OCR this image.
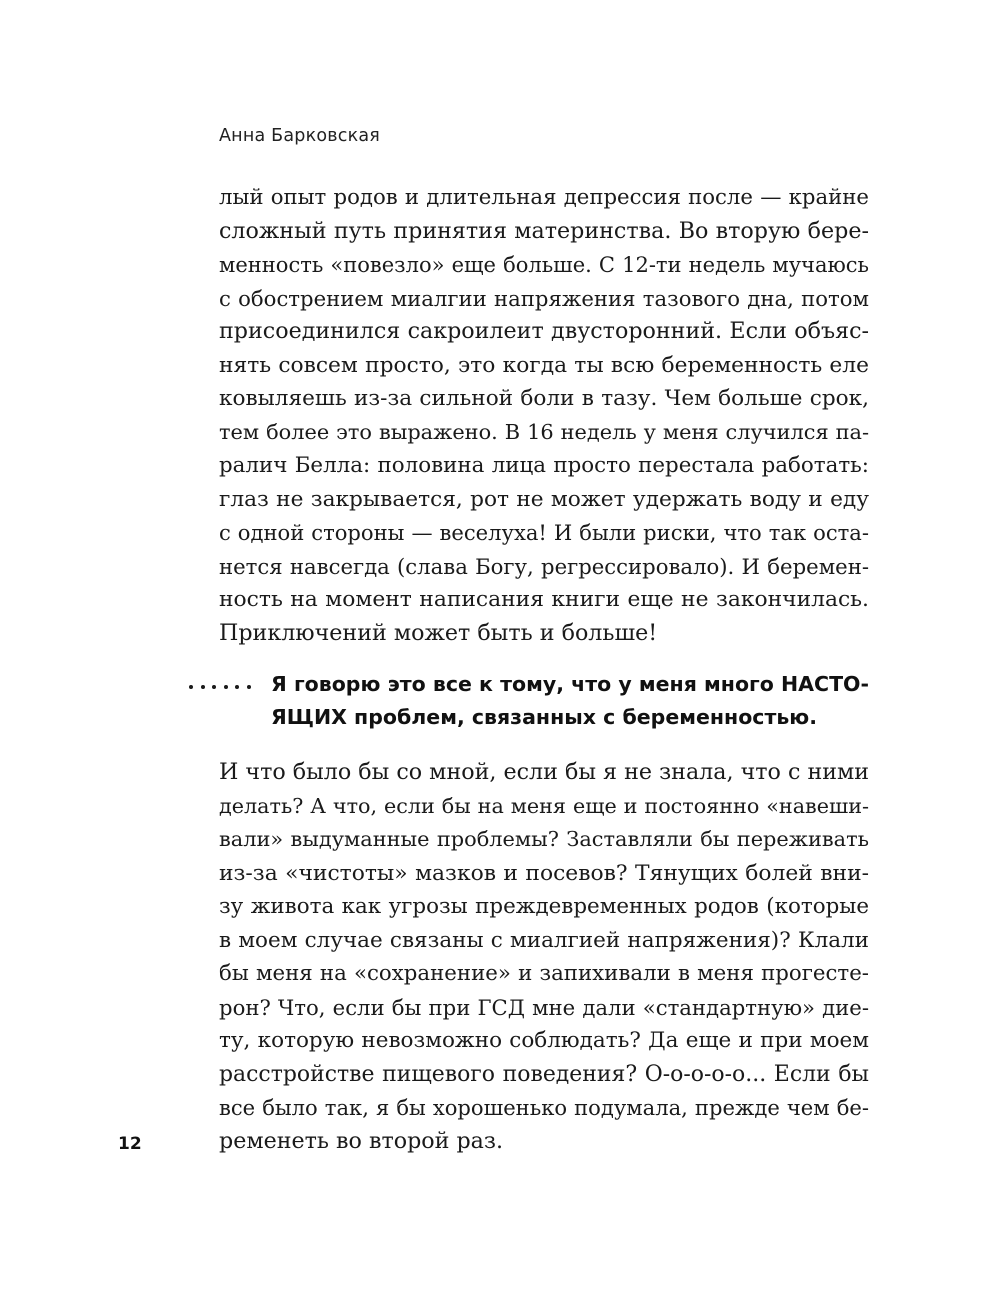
Анна Барковская
лый опыт родов и длительная депрессия после — крайне
сложный путь принятия материнства. Во вторую бере-
менность «повезло» еще больше. С 12-ти недель мучаюсь
с обострением миалгии напряжения тазового дна, потом
присоединился сакроилеит двусторонний. Если объяс-
нять совсем просто, это когда ты всю беременность еле
ковыляешь из-за сильной боли в тазу. Чем больше срок,
тем более это выражено. В 16 недель у меня случился па-
ралич Белла: половина лица просто перестала работать:
глаз не закрывается, рот не может удержать воду и еду
с одной стороны — веселуха! И были риски, что так оста-
нется навсегда (слава Богу, регрессировало). И беремен-
ность на момент написания книги еще не закончилась.
Приключений может быть и больше!
Я говорю это все к тому, что у меня много НАСТО-
ЯЩИХ проблем, связанных с беременностью.
И что было бы со мной, если бы я не знала, что с ними
делать? А что, если бы на меня еще и постоянно «навеши-
вали» выдуманные проблемы? Заставляли бы переживать
из-за «чистоты» мазков и посевов? Тянущих болей вни-
зу живота как угрозы преждевременных родов (которые
в моем случае связаны с миалгией напряжения)? Клали
бы меня на «сохранение» и запихивали в меня прогесте-
рон? Что, если бы при ГСД мне дали «стандартную» дие-
ту, которую невозможно соблюдать? Да еще и при моем
расстройстве пищевого поведения? О-о-о-о-о... Если бы
все было так, я бы хорошенько подумала, прежде чем бе-
ременеть во второй раз.
12
